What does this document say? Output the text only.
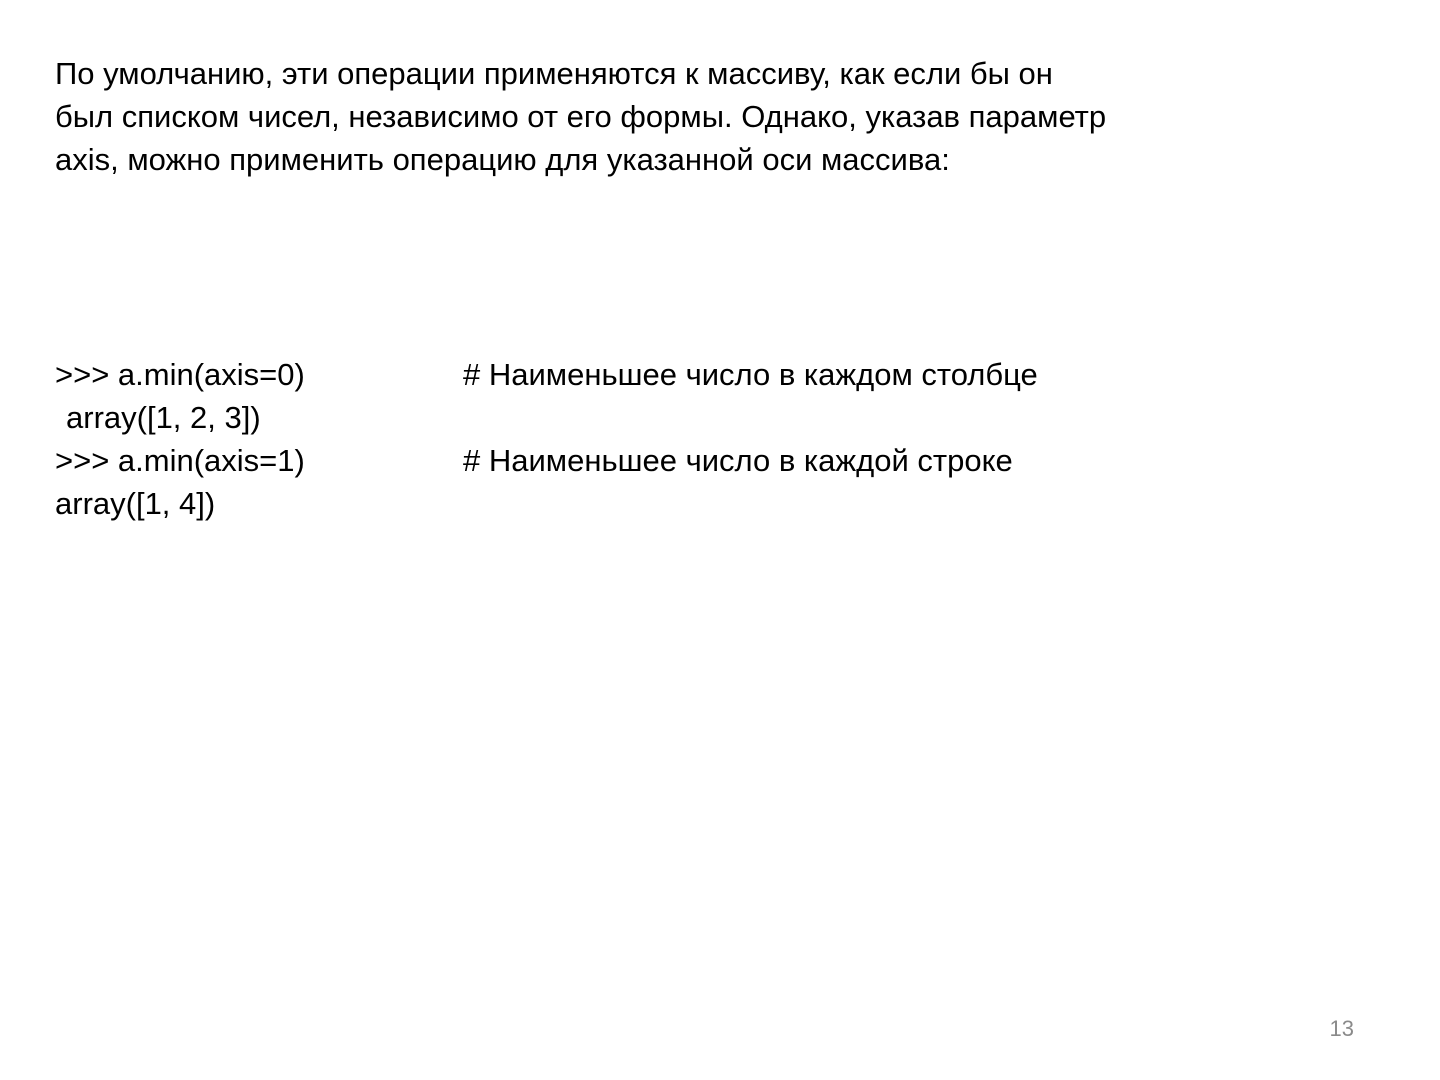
По умолчанию, эти операции применяются к массиву, как если бы он
был списком чисел, независимо от его формы. Однако, указав параметр
axis, можно применить операцию для указанной оси массива:

>>> a.min(axis=0)	# Наименьшее число в каждом столбце
array([1, 2, 3])
>>> a.min(axis=1)	# Наименьшее число в каждой строке
array([1, 4])
13
